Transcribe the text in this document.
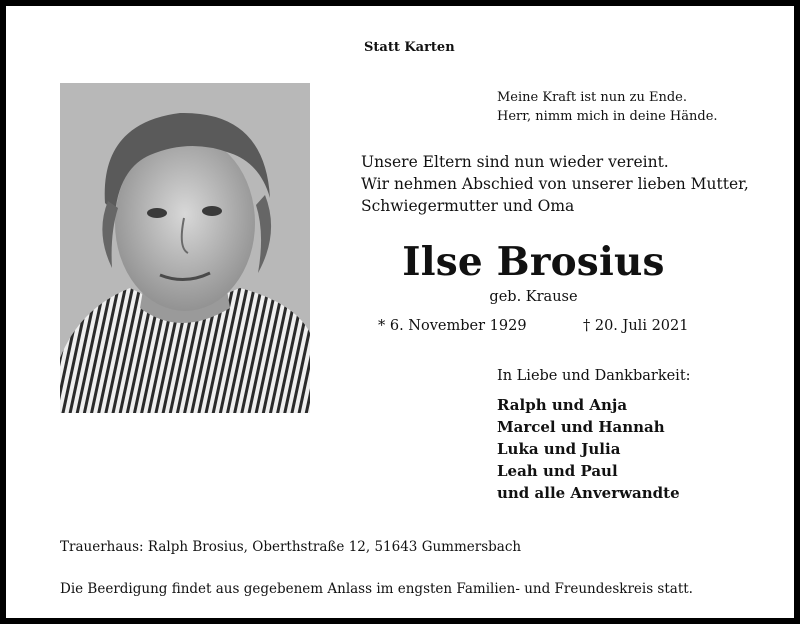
Statt Karten
Meine Kraft ist nun zu Ende.
Herr, nimm mich in deine Hände.
Unsere Eltern sind nun wieder vereint.
Wir nehmen Abschied von unserer lieben Mutter,
Schwiegermutter und Oma
Ilse Brosius
geb. Krause
* 6. November 1929	† 20. Juli 2021
In Liebe und Dankbarkeit:
Ralph und Anja
Marcel und Hannah
Luka und Julia
Leah und Paul
und alle Anverwandte
Trauerhaus: Ralph Brosius, Oberthstraße 12, 51643 Gummersbach
Die Beerdigung findet aus gegebenem Anlass im engsten Familien- und Freundeskreis statt.
